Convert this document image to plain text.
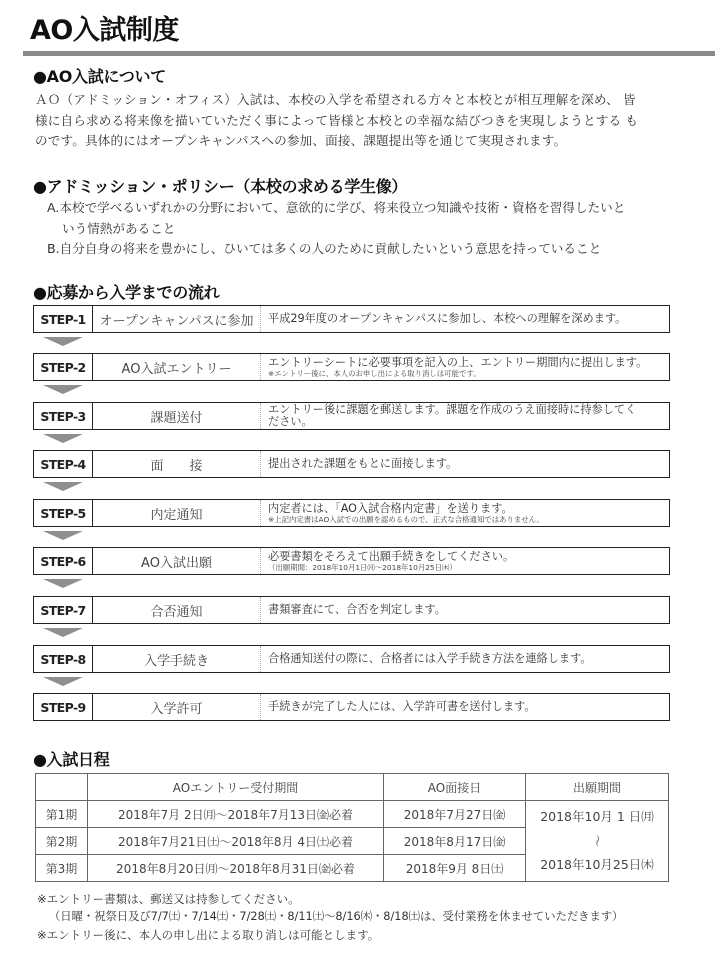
AO入試制度
●AO入試について
ＡＯ（アドミッション・オフィス）入試は、本校の入学を希望される方々と本校とが相互理解を深め、 皆
様に自ら求める将来像を描いていただく事によって皆様と本校との幸福な結びつきを実現しようとする も
のです。具体的にはオープンキャンパスへの参加、面接、課題提出等を通じて実現されます。
●アドミッション・ポリシー（本校の求める学生像）
A.本校で学べるいずれかの分野において、意欲的に学び、将来役立つ知識や技術・資格を習得したいと
いう情熱があること
B.自分自身の将来を豊かにし、ひいては多くの人のために貢献したいという意思を持っていること
●応募から入学までの流れ
STEP-1	オープンキャンパスに参加	平成29年度のオープンキャンパスに参加し、本校への理解を深めます。
STEP-2	AO入試エントリー	エントリーシートに必要事項を記入の上、エントリー期間内に提出します。
※エントリー後に、本人のお申し出による取り消しは可能です。
STEP-3	課題送付
エントリー後に課題を郵送します。課題を作成のうえ面接時に持参してく
ださい。
STEP-4	面　　接	提出された課題をもとに面接します。
STEP-5	内定通知	内定者には、「AO入試合格内定書」を送ります。
※上記内定書はAO入試での出願を認めるもので、正式な合格通知ではありません。
STEP-6	AO入試出願	必要書類をそろえて出願手続きをしてください。
（出願期間：2018年10月1日㈪〜2018年10月25日㈭）
STEP-7	合否通知	書類審査にて、合否を判定します。
STEP-8	入学手続き	合格通知送付の際に、合格者には入学手続き方法を連絡します。
STEP-9	入学許可	手続きが完了した人には、入学許可書を送付します。
●入試日程
	AOエントリー受付期間	AO面接日	出願期間
第1期	2018年7月 2日㈪〜2018年7月13日㈮必着	2018年7月27日㈮	2018年10月 1 日㈪
〜
2018年10月25日㈭

第2期	2018年7月21日㈯〜2018年8月 4日㈯必着	2018年8月17日㈮	
第3期	2018年8月20日㈪〜2018年8月31日㈮必着	2018年9月 8日㈯	
※エントリー書類は、郵送又は持参してください。
（日曜・祝祭日及び7/7㈯・7/14㈯・7/28㈯・8/11㈯〜8/16㈭・8/18㈯は、受付業務を休ませていただきます）
※エントリー後に、本人の申し出による取り消しは可能とします。
